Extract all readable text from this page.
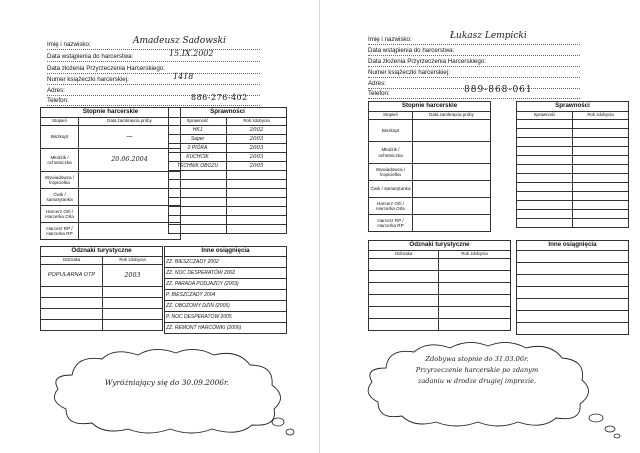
Imię i nazwisko:	Amadeusz Sadowski
Data wstąpienia do harcerstwa:	15.IX.2002
Data złożenia Przyrzeczenia Harcerskiego:
Numer książeczki harcerskiej:	1418
Adres:
Telefon:	886-276-402
Stopnie harcerskie	
Stopień	Data zamknięcia próby
Biszkopt	—
Młodzik / ochotniczka	20.06.2004
Wywiadowca / tropicielka	
Ćwik / samarytanka	
Harcerz Orli / Harcerka Orla	
Harcerz RP / Harcerka RP	
Sprawności	
Sprawność	Rok zdobycia
HKJ	2002
Saper	2003
2 PIÓRA	2003
KUCHCIK	2003
TECHNIK OBOZU	2005

Odznaki turystyczne	
Odznaka	Rok zdobycia

POPULARNA OTP	2003

Inne osiągnięcia
ZZ. BIESZCZADY 2002
ZZ. NOC DESPERATÓW 2002
ZZ. PARADA PODJAZDY (2003)
P. BIESZCZADY 2004
ZZ. OBOZOWY DZIŃ (2005)
P. NOC DESPERATÓW 2005
ZZ. REMONT HARCÓWKI (2006)
Wyróżniający się do 30.09.2006r.
Imię i nazwisko:	Łukasz Lempicki
Data wstąpienia do harcerstwa:
Data złożenia Przyrzeczenia Harcerskiego:
Numer książeczki harcerskiej:
Adres:
Telefon:	889-868-061
Stopnie harcerskie	
Stopień	Data zamknięcia próby
Biszkopt	
Młodzik / ochotniczka	
Wywiadowca / tropicielka	
Ćwik / samarytanka	
Harcerz Orli / Harcerka Orla	
Harcerz RP / Harcerka RP	
Sprawności	
Sprawność	Rok zdobycia

Odznaki turystyczne	
Odznaka	Rok zdobycia

Inne osiągnięcia

Zdobywa stopnie do 31.03.06r.
Przyrzeczenie harcerskie po zdanym
zadaniu w drodze drugiej imprezie.
